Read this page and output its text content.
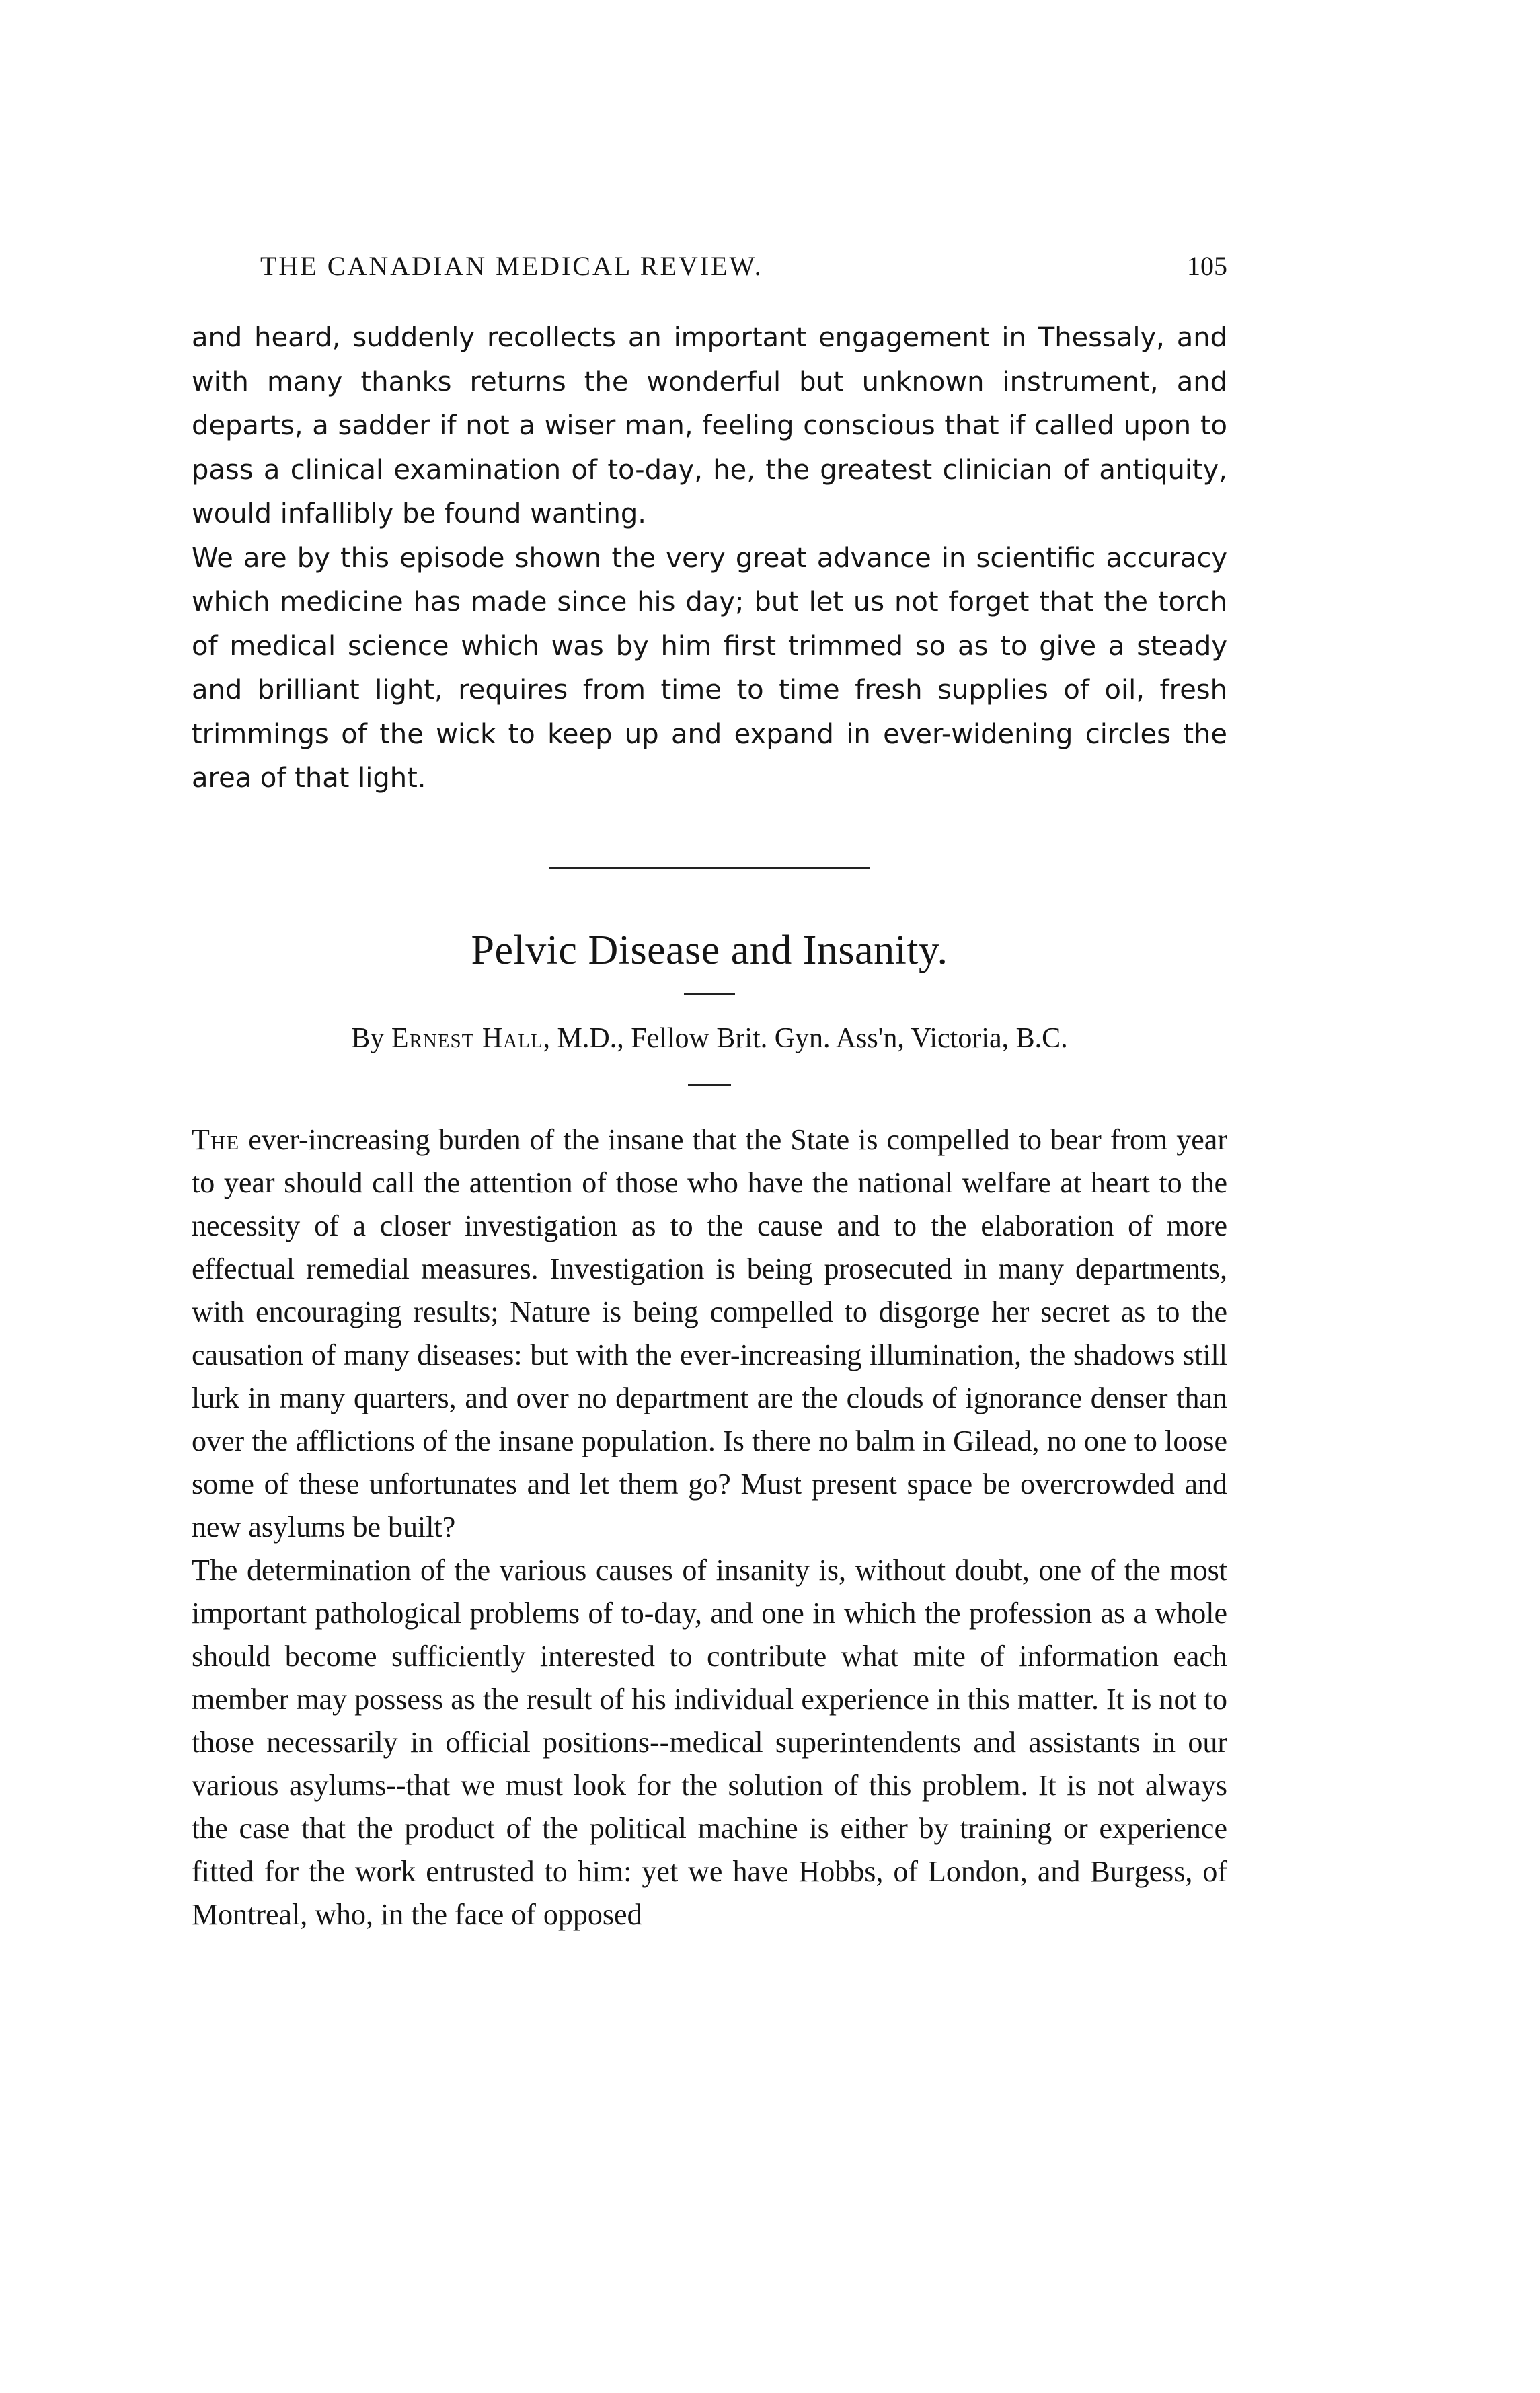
THE CANADIAN MEDICAL REVIEW.	105

and heard, suddenly recollects an important engagement in Thessaly, and with many thanks returns the wonderful but unknown instrument, and departs, a sadder if not a wiser man, feeling conscious that if called upon to pass a clinical examination of to-day, he, the greatest clinician of antiquity, would infallibly be found wanting.

We are by this episode shown the very great advance in scientific accuracy which medicine has made since his day; but let us not forget that the torch of medical science which was by him first trimmed so as to give a steady and brilliant light, requires from time to time fresh supplies of oil, fresh trimmings of the wick to keep up and expand in ever-widening circles the area of that light.

Pelvic Disease and Insanity.
By Ernest Hall, M.D., Fellow Brit. Gyn. Ass'n, Victoria, B.C.

The ever-increasing burden of the insane that the State is compelled to bear from year to year should call the attention of those who have the national welfare at heart to the necessity of a closer investigation as to the cause and to the elaboration of more effectual remedial measures. Investigation is being prosecuted in many departments, with encouraging results; Nature is being compelled to disgorge her secret as to the causation of many diseases: but with the ever-increasing illumination, the shadows still lurk in many quarters, and over no department are the clouds of ignorance denser than over the afflictions of the insane population. Is there no balm in Gilead, no one to loose some of these unfortunates and let them go? Must present space be overcrowded and new asylums be built?

The determination of the various causes of insanity is, without doubt, one of the most important pathological problems of to-day, and one in which the profession as a whole should become sufficiently interested to contribute what mite of information each member may possess as the result of his individual experience in this matter. It is not to those necessarily in official positions--medical superintendents and assistants in our various asylums--that we must look for the solution of this problem. It is not always the case that the product of the political machine is either by training or experience fitted for the work entrusted to him: yet we have Hobbs, of London, and Burgess, of Montreal, who, in the face of opposed
